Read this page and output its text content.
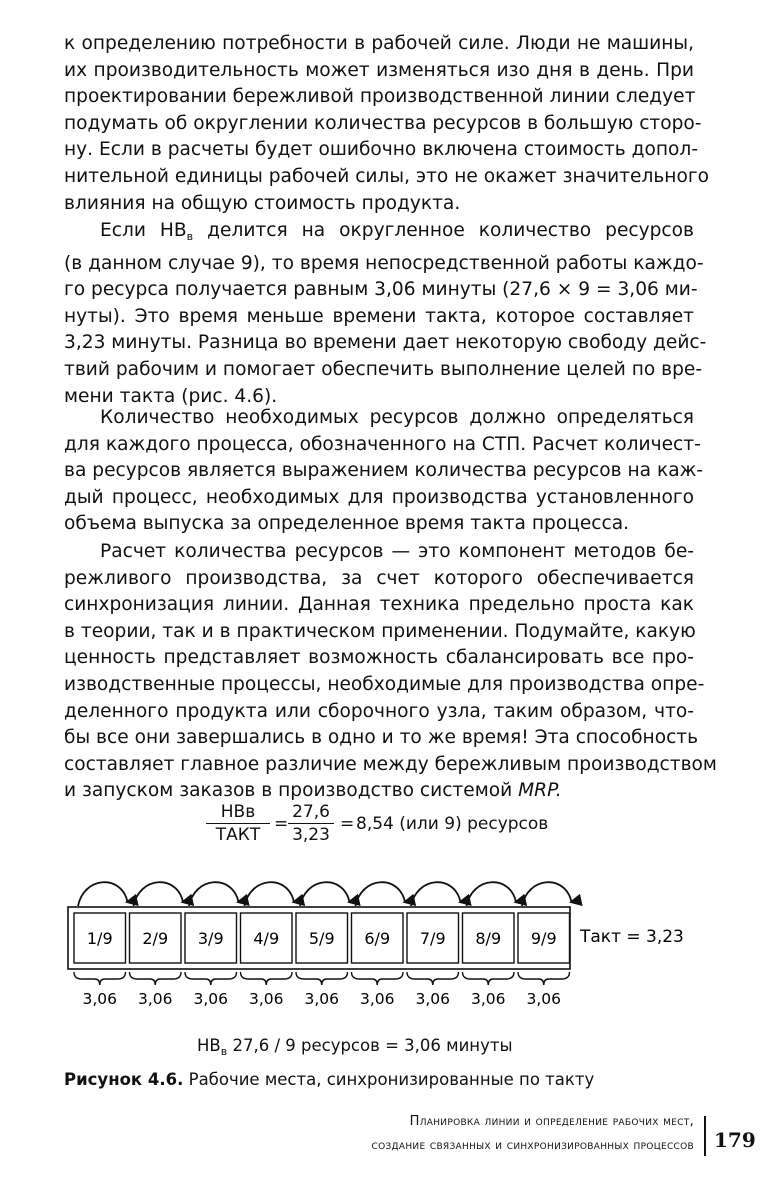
к определению потребности в рабочей силе. Люди не машины,
их производительность может изменяться изо дня в день. При
проектировании бережливой производственной линии следует
подумать об округлении количества ресурсов в большую сторо-
ну. Если в расчеты будет ошибочно включена стоимость допол-
нительной единицы рабочей силы, это не окажет значительного
влияния на общую стоимость продукта.

Если $НВ_в$ делится на округленное количество ресурсов
(в данном случае 9), то время непосредственной работы каждо-
го ресурса получается равным 3,06 минуты (27,6 × 9 = 3,06 ми-
нуты). Это время меньше времени такта, которое составляет
3,23 минуты. Разница во времени дает некоторую свободу дейс-
твий рабочим и помогает обеспечить выполнение целей по вре-
мени такта (рис. 4.6).

Количество необходимых ресурсов должно определяться
для каждого процесса, обозначенного на СТП. Расчет количест-
ва ресурсов является выражением количества ресурсов на каж-
дый процесс, необходимых для производства установленного
объема выпуска за определенное время такта процесса.

Расчет количества ресурсов — это компонент методов бе-
режливого производства, за счет которого обеспечивается
синхронизация линии. Данная техника предельно проста как
в теории, так и в практическом применении. Подумайте, какую
ценность представляет возможность сбалансировать все про-
изводственные процессы, необходимые для производства опре-
деленного продукта или сборочного узла, таким образом, что-
бы все они завершались в одно и то же время! Эта способность
составляет главное различие между бережливым производством
и запуском заказов в производство системой MRP.

НВв
ТАКТ
= $\frac{27,6}{3,23} = 8,54$ (или 9) ресурсов
1/9 2/9 3/9 4/9 5/9 6/9 7/9 8/9 9/9
3,06 3,06 3,06 3,06 3,06 3,06 3,06 3,06 3,06
Такт = 3,23
$НВ_в$ 27,6 / 9 ресурсов = 3,06 минуты
Рисунок 4.6. Рабочие места, синхронизированные по такту
Планировка линии и определение рабочих мест,
создание связанных и синхронизированных процессов 179
